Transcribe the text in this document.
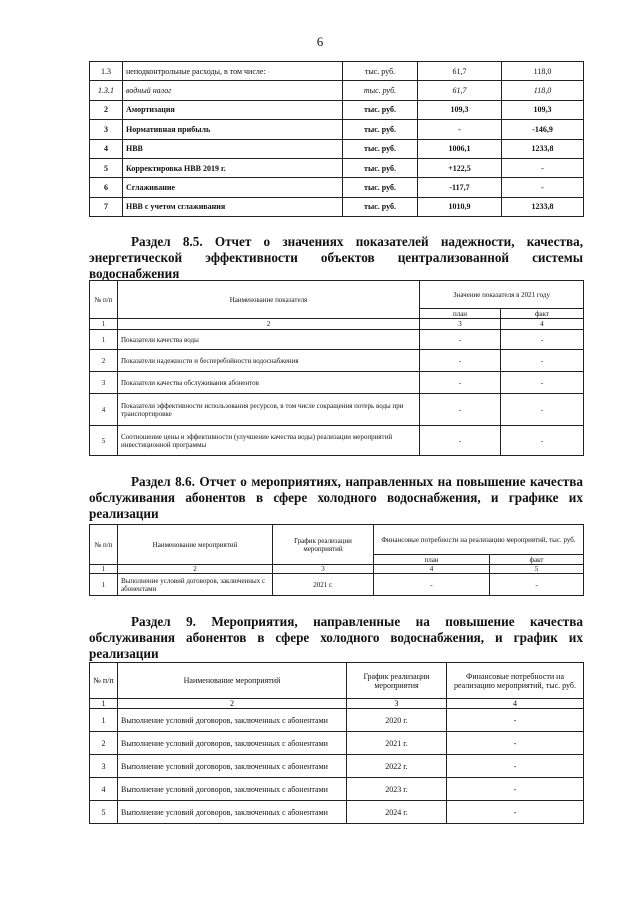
6
1.3	неподконтрольные расходы, в том числе:	тыс. руб.	61,7	118,0
1.3.1	водный налог	тыс. руб.	61,7	118,0
2	Амортизация	тыс. руб.	109,3	109,3
3	Нормативная прибыль	тыс. руб.	-	-146,9
4	НВВ	тыс. руб.	1006,1	1233,8
5	Корректировка НВВ 2019 г.	тыс. руб.	+122,5	-
6	Сглаживание	тыс. руб.	-117,7	-
7	НВВ с учетом сглаживания	тыс. руб.	1010,9	1233,8
Раздел 8.5. Отчет о значениях показателей надежности, качества, энергетической эффективности объектов централизованной системы водоснабжения
№ п/п	Наименование показателя	Значение показателя в 2021 году	
		план	факт
1	2	3	4
1	Показатели качества воды	-	-
2	Показатели надежности и бесперебойности водоснабжения	-	-
3	Показатели качества обслуживания абонентов	-	-
4	Показатели эффективности использования ресурсов, в том числе сокращения потерь воды при транспортировке	-	-
5	Соотношение цены и эффективности (улучшение качества воды) реализации мероприятий инвестиционной программы	-	-
Раздел 8.6. Отчет о мероприятиях, направленных на повышение качества обслуживания абонентов в сфере холодного водоснабжения, и графике их реализации
№ п/п	Наименование мероприятий	График реализации мероприятий	Финансовые потребности на реализацию мероприятий, тыс. руб.	
			план	факт
1	2	3	4	5
1	Выполнение условий договоров, заключенных с абонентами	2021 г.	-	-
Раздел 9. Мероприятия, направленные на повышение качества обслуживания абонентов в сфере холодного водоснабжения, и график их реализации
№ п/п	Наименование мероприятий	График реализации мероприятия	Финансовые потребности на реализацию мероприятий, тыс. руб.
1	2	3	4
1	Выполнение условий договоров, заключенных с абонентами	2020 г.	-
2	Выполнение условий договоров, заключенных с абонентами	2021 г.	-
3	Выполнение условий договоров, заключенных с абонентами	2022 г.	-
4	Выполнение условий договоров, заключенных с абонентами	2023 г.	-
5	Выполнение условий договоров, заключенных с абонентами	2024 г.	-
